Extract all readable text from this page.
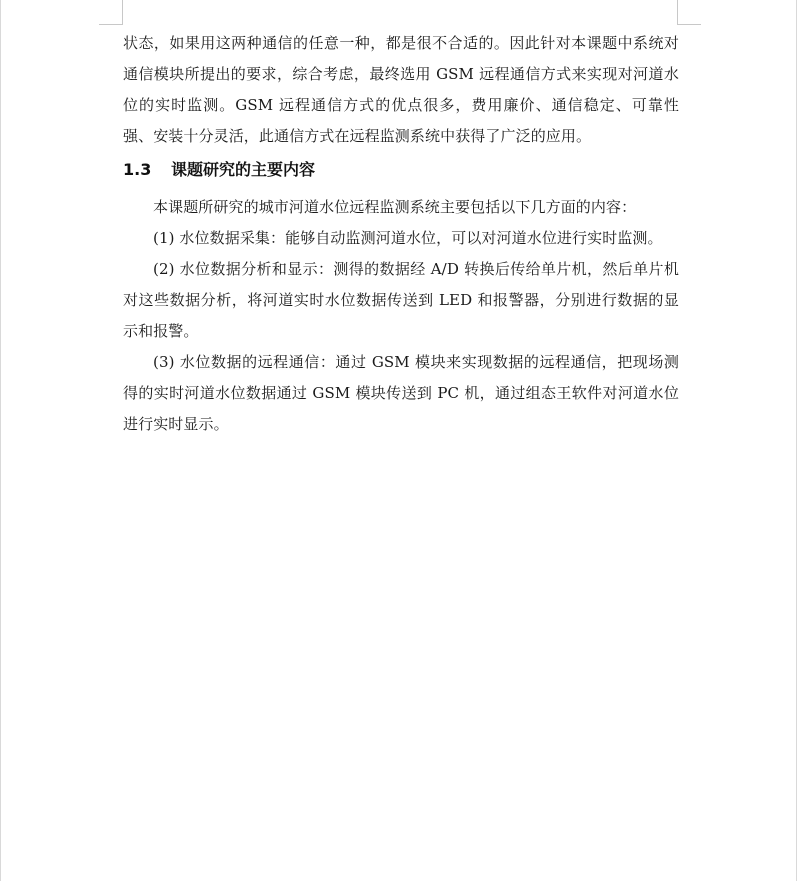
状态，如果用这两种通信的任意一种，都是很不合适的。因此针对本课题中系统对通信模块所提出的要求，综合考虑，最终选用 GSM 远程通信方式来实现对河道水位的实时监测。GSM 远程通信方式的优点很多，费用廉价、通信稳定、可靠性强、安装十分灵活，此通信方式在远程监测系统中获得了广泛的应用。

1.3 课题研究的主要内容

本课题所研究的城市河道水位远程监测系统主要包括以下几方面的内容：

(1) 水位数据采集：能够自动监测河道水位，可以对河道水位进行实时监测。

(2) 水位数据分析和显示：测得的数据经 A/D 转换后传给单片机，然后单片机对这些数据分析，将河道实时水位数据传送到 LED 和报警器，分别进行数据的显示和报警。

(3) 水位数据的远程通信：通过 GSM 模块来实现数据的远程通信，把现场测得的实时河道水位数据通过 GSM 模块传送到 PC 机，通过组态王软件对河道水位进行实时显示。
